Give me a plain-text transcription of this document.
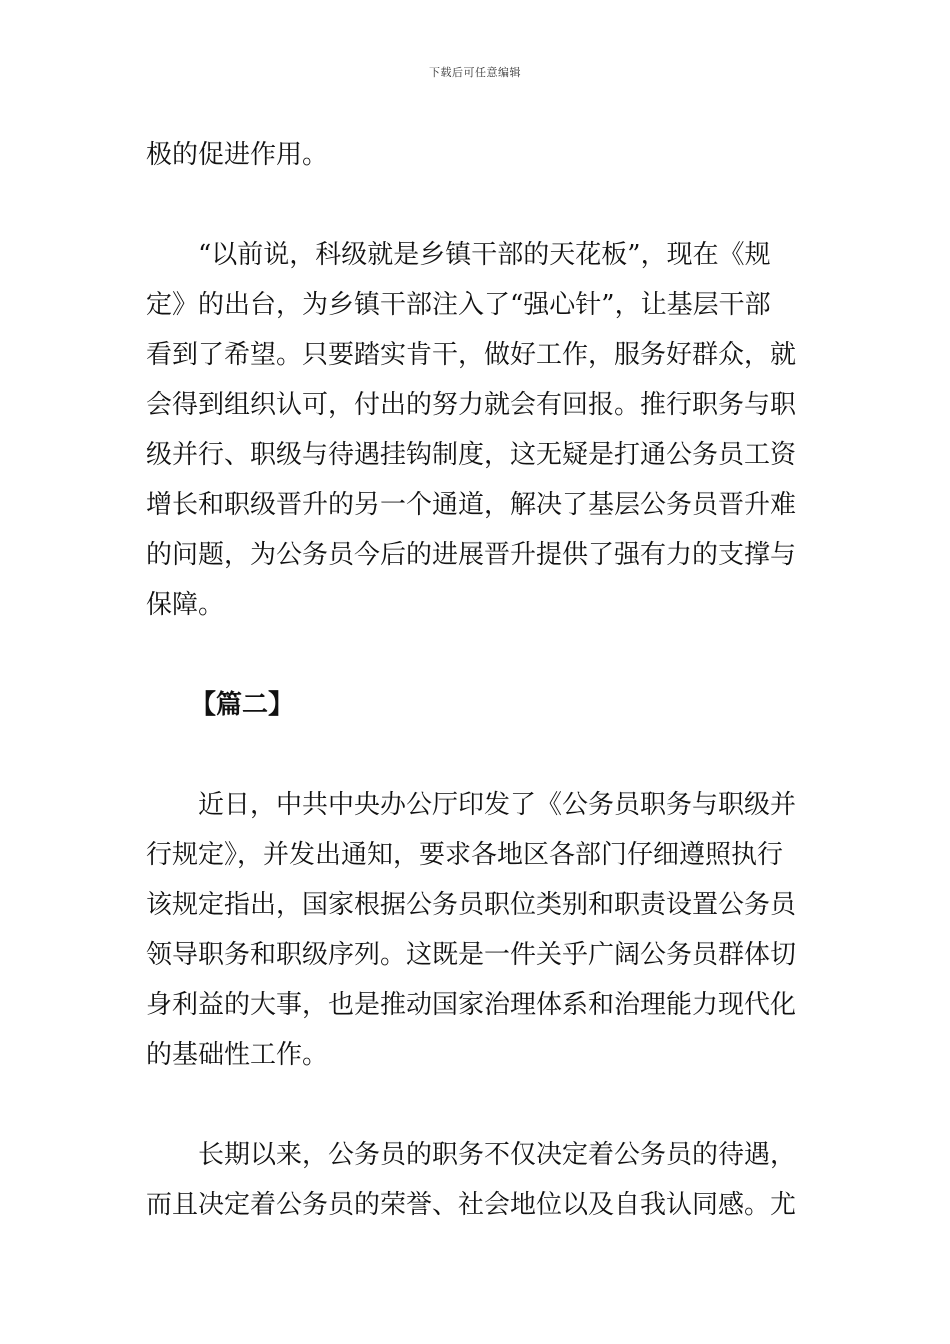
下载后可任意编辑
极的促进作用。
“以前说，科级就是乡镇干部的天花板”，现在《规
定》的出台，为乡镇干部注入了“强心针”，让基层干部
看到了希望。只要踏实肯干，做好工作，服务好群众，就
会得到组织认可，付出的努力就会有回报。推行职务与职
级并行、职级与待遇挂钩制度，这无疑是打通公务员工资
增长和职级晋升的另一个通道，解决了基层公务员晋升难
的问题，为公务员今后的进展晋升提供了强有力的支撑与
保障。
【篇二】
近日，中共中央办公厅印发了《公务员职务与职级并
行规定》，并发出通知，要求各地区各部门仔细遵照执行
该规定指出，国家根据公务员职位类别和职责设置公务员
领导职务和职级序列。这既是一件关乎广阔公务员群体切
身利益的大事，也是推动国家治理体系和治理能力现代化
的基础性工作。
长期以来，公务员的职务不仅决定着公务员的待遇，
而且决定着公务员的荣誉、社会地位以及自我认同感。尤
